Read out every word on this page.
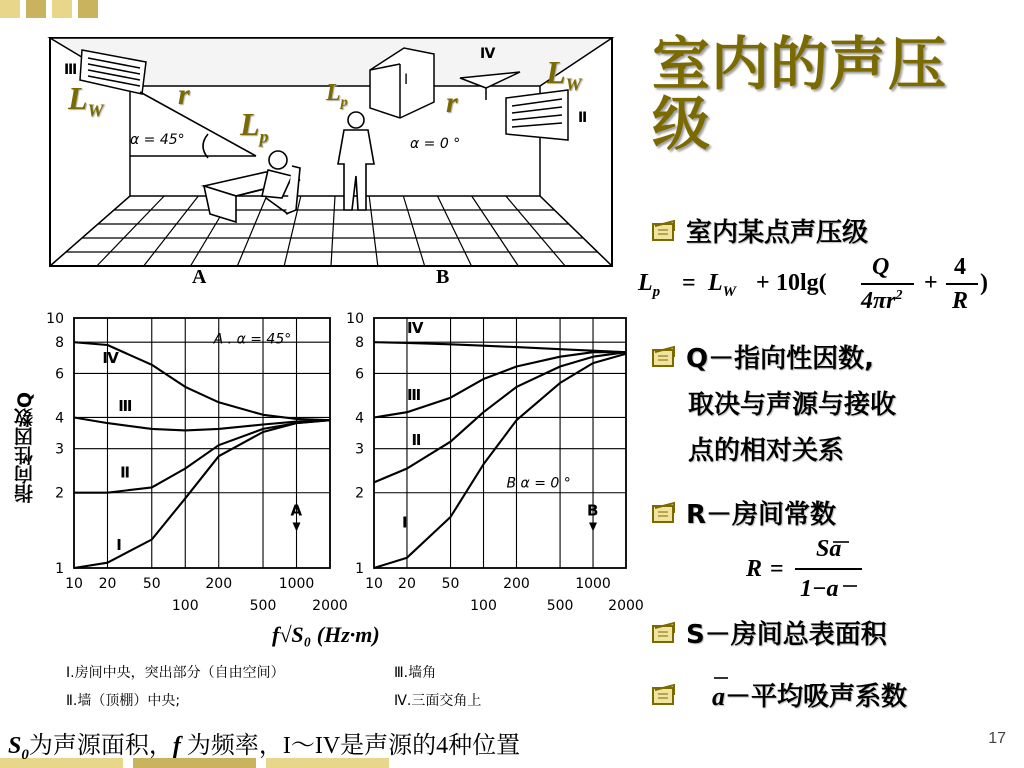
10
8
6
4
3
2
1
10 20 50	200	1000
100	500	2000
Ⅰ
Ⅱ
Ⅲ
Ⅳ
A . α = 45°
A
10
8
6
4
3
2
1
10 20 50	200	1000
100	500 2000
Ⅰ
Ⅱ
Ⅲ
Ⅳ
B α = 0 °
B
$L_W$ r
$L_p$
$L_p$	r
$L_W$
α = 45°	α = 0 °
Ⅲ
I
Ⅳ
Ⅱ
A	B
指向性因数Q
f√S₀ (Hz·m)
Ⅰ.房间中央，突出部分（自由空间）
Ⅱ.墙（顶棚）中央;
Ⅲ.墙角
Ⅳ.三面交角上
$S_0$为声源面积，f 为频率，I～IV是声源的4种位置
室内的声压级
室内某点声压级
$L_p = L_W + 10\lg$(
Q
$4\pi r^2$ +
4
R
)
Q－指向性因数,
取决与声源与接收
点的相对关系
R－房间常数
R =
Sa
1−a
S－房间总表面积
a－平均吸声系数
17
